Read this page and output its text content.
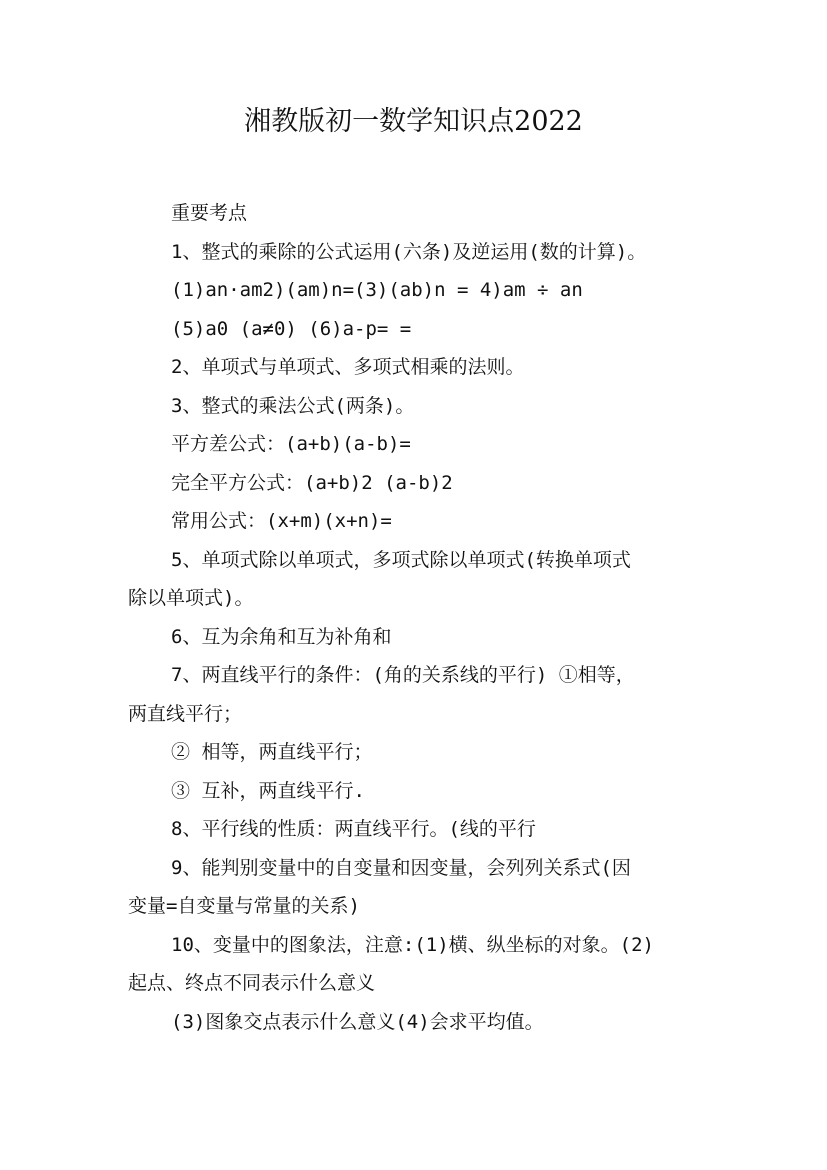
湘教版初一数学知识点2022

重要考点

1、整式的乘除的公式运用(六条)及逆运用(数的计算)。

(1)an·am2)(am)n=(3)(ab)n = 4)am ÷ an

(5)a0 (a≠0) (6)a-p= =

2、单项式与单项式、多项式相乘的法则。

3、整式的乘法公式(两条)。

平方差公式：(a+b)(a-b)=

完全平方公式：(a+b)2 (a-b)2

常用公式：(x+m)(x+n)=

5、单项式除以单项式，多项式除以单项式(转换单项式

除以单项式)。

6、互为余角和互为补角和

7、两直线平行的条件：(角的关系线的平行) ①相等，

两直线平行；

② 相等，两直线平行；

③ 互补，两直线平行.

8、平行线的性质：两直线平行。(线的平行

9、能判别变量中的自变量和因变量，会列列关系式(因

变量=自变量与常量的关系)

10、变量中的图象法，注意:(1)横、纵坐标的对象。(2)

起点、终点不同表示什么意义

(3)图象交点表示什么意义(4)会求平均值。
